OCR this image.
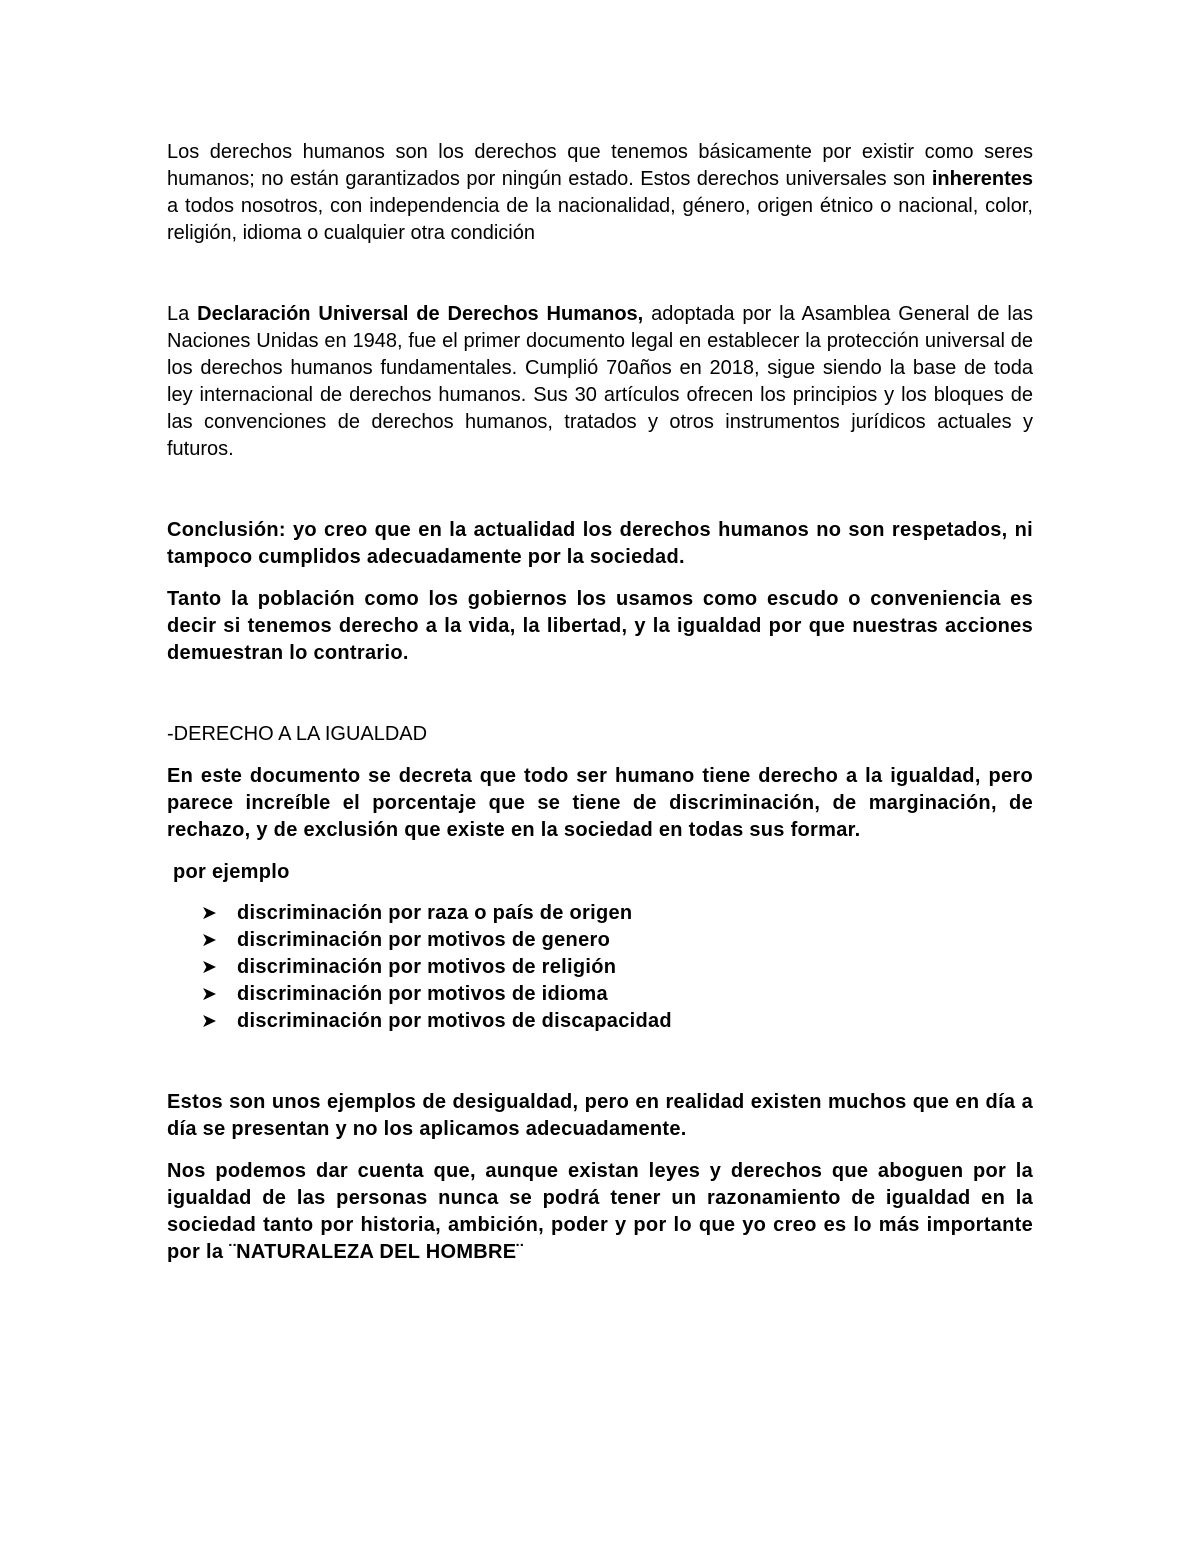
Los derechos humanos son los derechos que tenemos básicamente por existir como seres humanos; no están garantizados por ningún estado. Estos derechos universales son inherentes a todos nosotros, con independencia de la nacionalidad, género, origen étnico o nacional, color, religión, idioma o cualquier otra condición

La Declaración Universal de Derechos Humanos, adoptada por la Asamblea General de las Naciones Unidas en 1948, fue el primer documento legal en establecer la protección universal de los derechos humanos fundamentales. Cumplió 70años en 2018, sigue siendo la base de toda ley internacional de derechos humanos. Sus 30 artículos ofrecen los principios y los bloques de las convenciones de derechos humanos, tratados y otros instrumentos jurídicos actuales y futuros.

Conclusión: yo creo que en la actualidad los derechos humanos no son respetados, ni tampoco cumplidos adecuadamente por la sociedad.

Tanto la población como los gobiernos los usamos como escudo o conveniencia es decir si tenemos derecho a la vida, la libertad, y la igualdad por que nuestras acciones demuestran lo contrario.

-DERECHO A LA IGUALDAD

En este documento se decreta que todo ser humano tiene derecho a la igualdad, pero parece increíble el porcentaje que se tiene de discriminación, de marginación, de rechazo, y de exclusión que existe en la sociedad en todas sus formar.

por ejemplo

➤ discriminación por raza o país de origen
➤ discriminación por motivos de genero
➤ discriminación por motivos de religión
➤ discriminación por motivos de idioma
➤ discriminación por motivos de discapacidad

Estos son unos ejemplos de desigualdad, pero en realidad existen muchos que en día a día se presentan y no los aplicamos adecuadamente.

Nos podemos dar cuenta que, aunque existan leyes y derechos que aboguen por la igualdad de las personas nunca se podrá tener un razonamiento de igualdad en la sociedad tanto por historia, ambición, poder y por lo que yo creo es lo más importante por la ¨NATURALEZA DEL HOMBRE¨
